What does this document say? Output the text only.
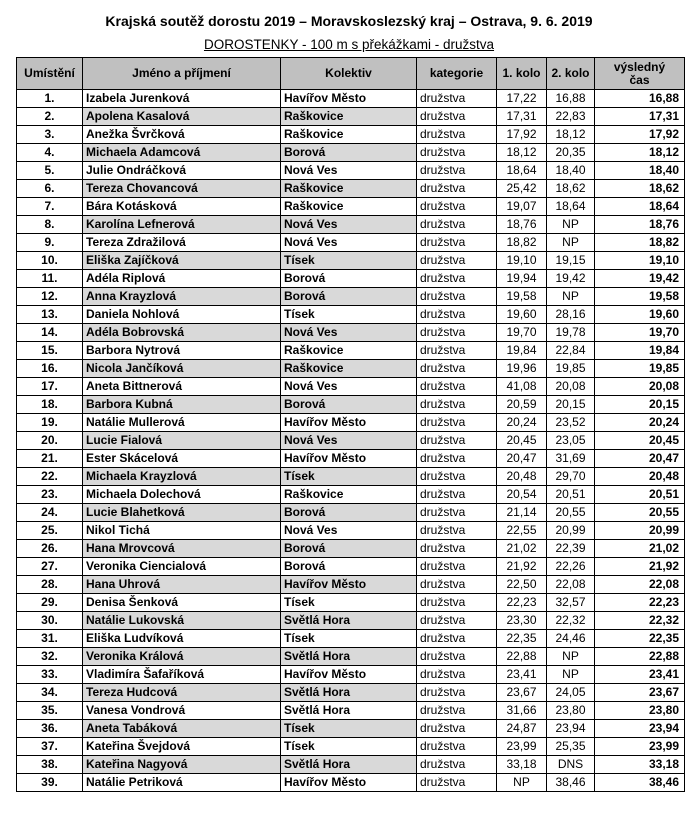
Krajská soutěž dorostu 2019 – Moravskoslezský kraj – Ostrava, 9. 6. 2019
DOROSTENKY - 100 m s překážkami - družstva
Umístění	Jméno a příjmení	Kolektiv	kategorie	1. kolo	2. kolo	výsledný
čas

1.	Izabela Jurenková	Havířov Město	družstva	17,22	16,88	16,88
2.	Apolena Kasalová	Raškovice	družstva	17,31	22,83	17,31
3.	Anežka Švrčková	Raškovice	družstva	17,92	18,12	17,92
4.	Michaela Adamcová	Borová	družstva	18,12	20,35	18,12
5.	Julie Ondráčková	Nová Ves	družstva	18,64	18,40	18,40
6.	Tereza Chovancová	Raškovice	družstva	25,42	18,62	18,62
7.	Bára Kotásková	Raškovice	družstva	19,07	18,64	18,64
8.	Karolína Lefnerová	Nová Ves	družstva	18,76	NP	18,76
9.	Tereza Zdražilová	Nová Ves	družstva	18,82	NP	18,82
10.	Eliška Zajíčková	Tísek	družstva	19,10	19,15	19,10
11.	Adéla Riplová	Borová	družstva	19,94	19,42	19,42
12.	Anna Krayzlová	Borová	družstva	19,58	NP	19,58
13.	Daniela Nohlová	Tísek	družstva	19,60	28,16	19,60
14.	Adéla Bobrovská	Nová Ves	družstva	19,70	19,78	19,70
15.	Barbora Nytrová	Raškovice	družstva	19,84	22,84	19,84
16.	Nicola Jančíková	Raškovice	družstva	19,96	19,85	19,85
17.	Aneta Bittnerová	Nová Ves	družstva	41,08	20,08	20,08
18.	Barbora Kubná	Borová	družstva	20,59	20,15	20,15
19.	Natálie Mullerová	Havířov Město	družstva	20,24	23,52	20,24
20.	Lucie Fialová	Nová Ves	družstva	20,45	23,05	20,45
21.	Ester Skácelová	Havířov Město	družstva	20,47	31,69	20,47
22.	Michaela Krayzlová	Tísek	družstva	20,48	29,70	20,48
23.	Michaela Dolechová	Raškovice	družstva	20,54	20,51	20,51
24.	Lucie Blahetková	Borová	družstva	21,14	20,55	20,55
25.	Nikol Tichá	Nová Ves	družstva	22,55	20,99	20,99
26.	Hana Mrovcová	Borová	družstva	21,02	22,39	21,02
27.	Veronika Ciencialová	Borová	družstva	21,92	22,26	21,92
28.	Hana Uhrová	Havířov Město	družstva	22,50	22,08	22,08
29.	Denisa Šenková	Tísek	družstva	22,23	32,57	22,23
30.	Natálie Lukovská	Světlá Hora	družstva	23,30	22,32	22,32
31.	Eliška Ludvíková	Tísek	družstva	22,35	24,46	22,35
32.	Veronika Králová	Světlá Hora	družstva	22,88	NP	22,88
33.	Vladimíra Šafaříková	Havířov Město	družstva	23,41	NP	23,41
34.	Tereza Hudcová	Světlá Hora	družstva	23,67	24,05	23,67
35.	Vanesa Vondrová	Světlá Hora	družstva	31,66	23,80	23,80
36.	Aneta Tabáková	Tísek	družstva	24,87	23,94	23,94
37.	Kateřina Švejdová	Tísek	družstva	23,99	25,35	23,99
38.	Kateřina Nagyová	Světlá Hora	družstva	33,18	DNS	33,18
39.	Natálie Petriková	Havířov Město	družstva	NP	38,46	38,46
